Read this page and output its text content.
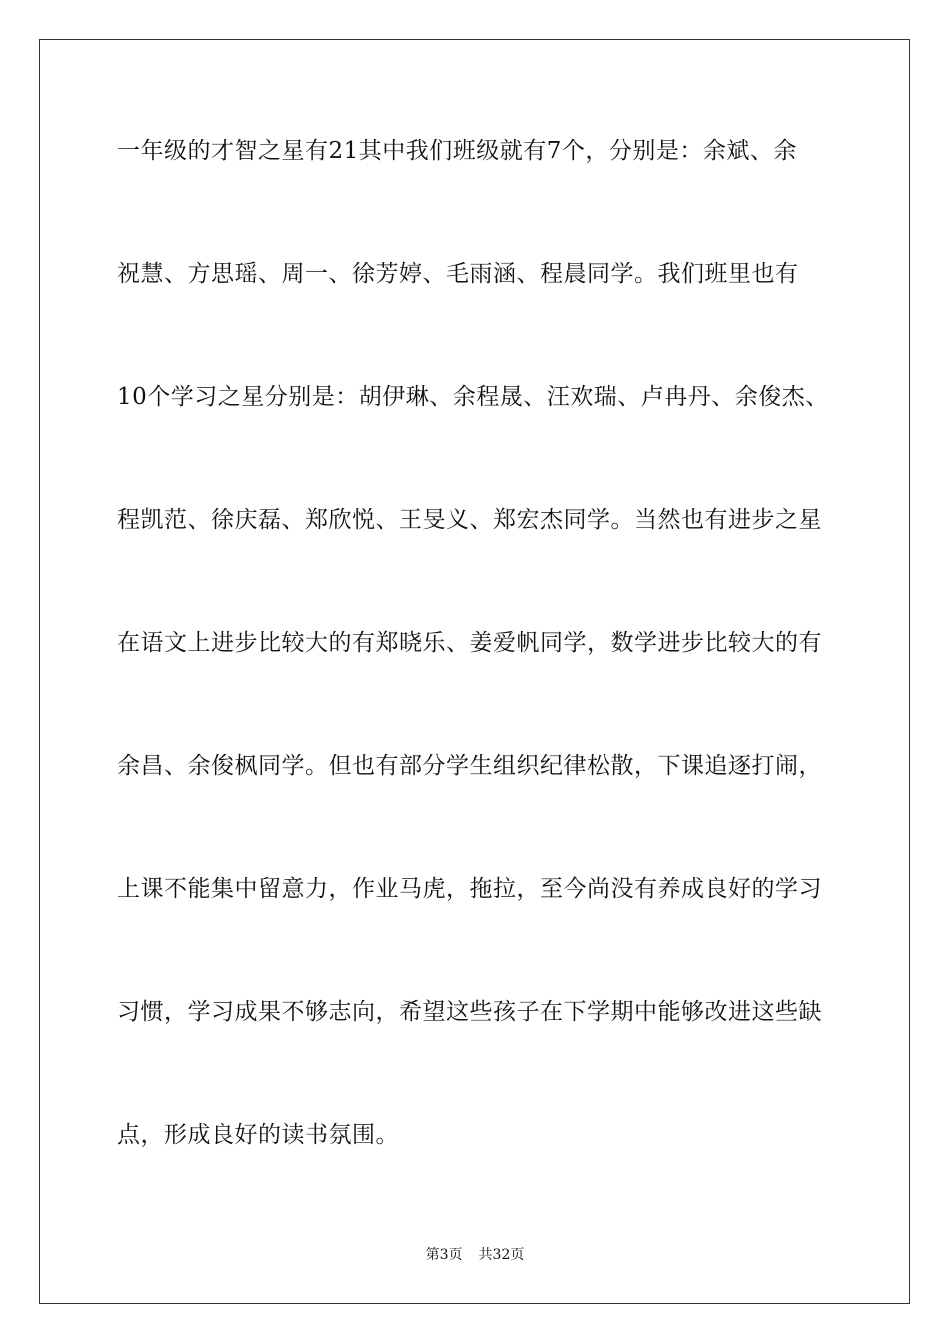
一年级的才智之星有21其中我们班级就有7个，分别是：余斌、余
祝慧、方思瑶、周一、徐芳婷、毛雨涵、程晨同学。我们班里也有
10个学习之星分别是：胡伊琳、余程晟、汪欢瑞、卢冉丹、余俊杰、
程凯范、徐庆磊、郑欣悦、王旻义、郑宏杰同学。当然也有进步之星
在语文上进步比较大的有郑晓乐、姜爱帆同学，数学进步比较大的有
余昌、余俊枫同学。但也有部分学生组织纪律松散，下课追逐打闹，
上课不能集中留意力，作业马虎，拖拉，至今尚没有养成良好的学习
习惯，学习成果不够志向，希望这些孩子在下学期中能够改进这些缺
点，形成良好的读书氛围。
第3页 共32页
